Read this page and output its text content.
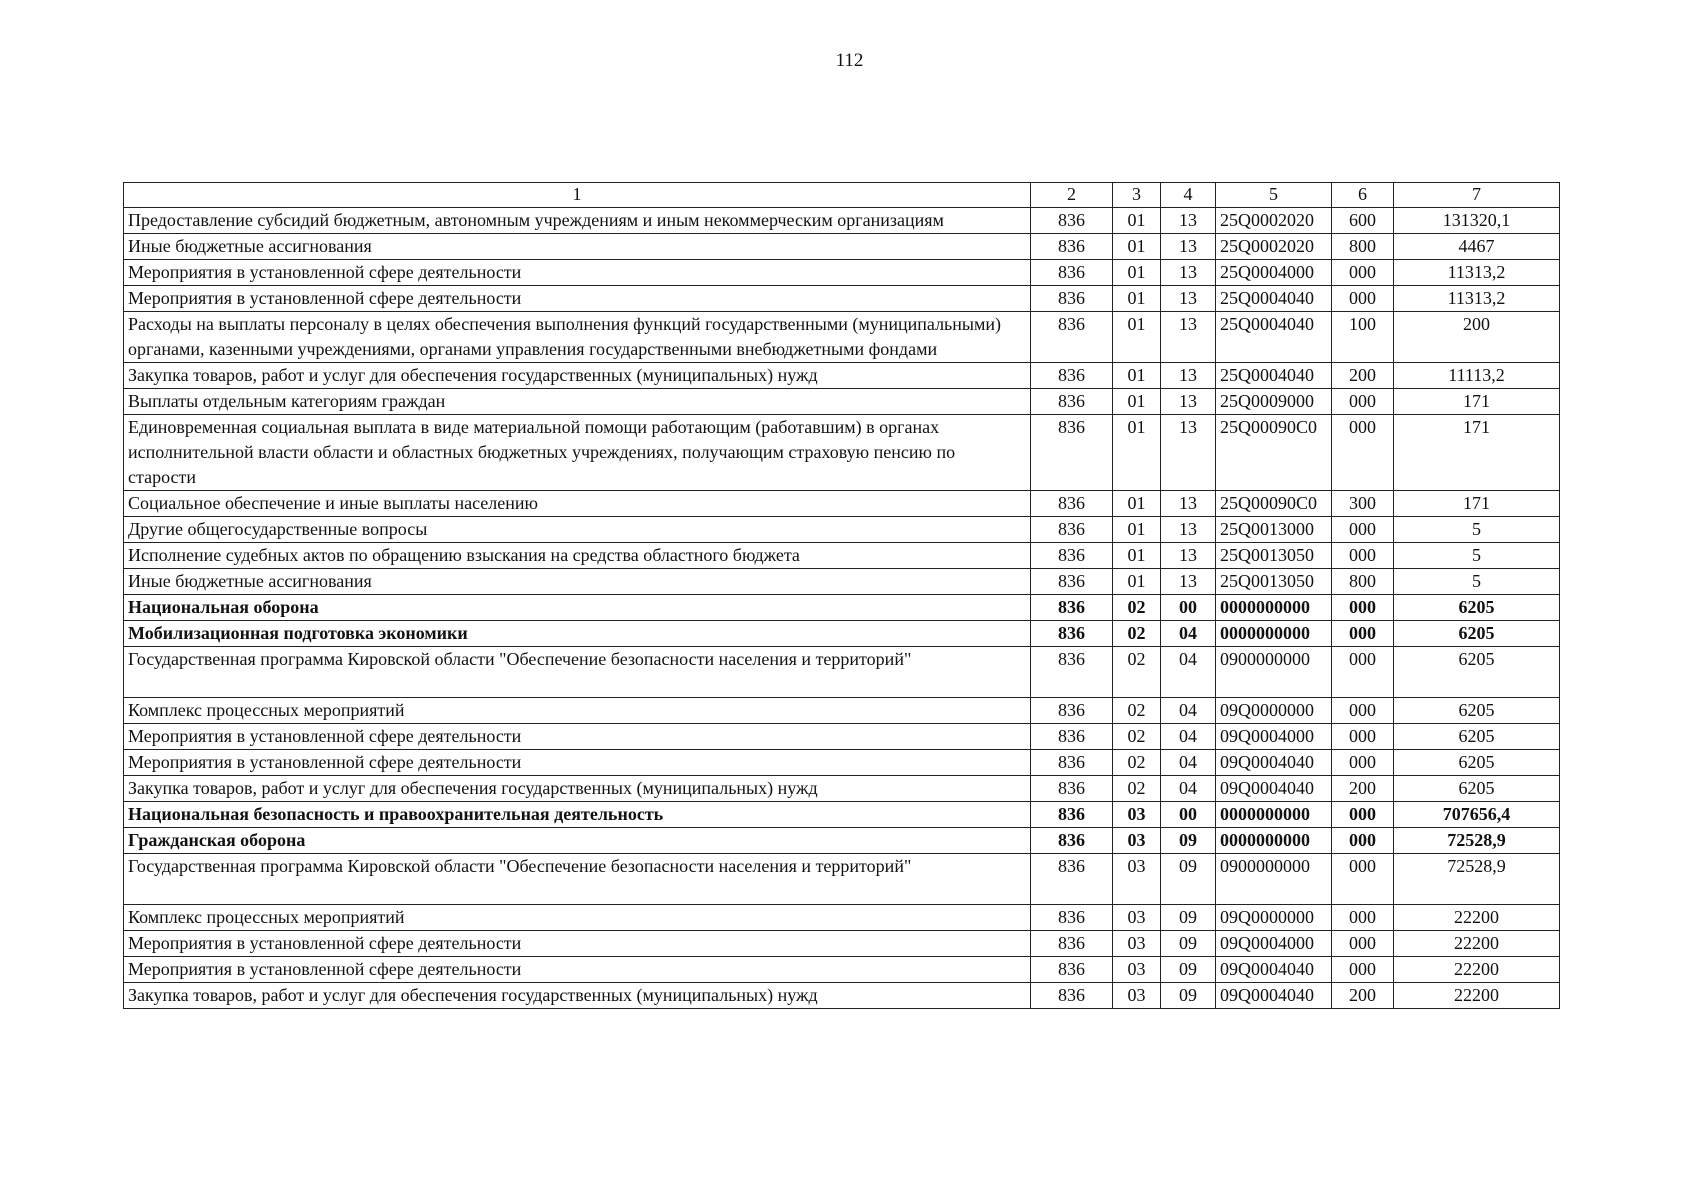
112
1	2	3	4	5	6	7
Предоставление субсидий бюджетным, автономным учреждениям и иным некоммерческим организациям	836	01	13	25Q0002020	600	131320,1
Иные бюджетные ассигнования	836	01	13	25Q0002020	800	4467
Мероприятия в установленной сфере деятельности	836	01	13	25Q0004000	000	11313,2
Мероприятия в установленной сфере деятельности	836	01	13	25Q0004040	000	11313,2
Расходы на выплаты персоналу в целях обеспечения выполнения функций государственными (муниципальными) органами, казенными учреждениями, органами управления государственными внебюджетными фондами	836	01	13	25Q0004040	100	200
Закупка товаров, работ и услуг для обеспечения государственных (муниципальных) нужд	836	01	13	25Q0004040	200	11113,2
Выплаты отдельным категориям граждан	836	01	13	25Q0009000	000	171
Единовременная социальная выплата в виде материальной помощи работающим (работавшим) в органах исполнительной власти области и областных бюджетных учреждениях, получающим страховую пенсию по старости	836	01	13	25Q00090C0	000	171
Социальное обеспечение и иные выплаты населению	836	01	13	25Q00090C0	300	171
Другие общегосударственные вопросы	836	01	13	25Q0013000	000	5
Исполнение судебных актов по обращению взыскания на средства областного бюджета	836	01	13	25Q0013050	000	5
Иные бюджетные ассигнования	836	01	13	25Q0013050	800	5
Национальная оборона	836	02	00	0000000000	000	6205
Мобилизационная подготовка экономики	836	02	04	0000000000	000	6205
Государственная программа Кировской области "Обеспечение безопасности населения и территорий"	836	02	04	0900000000	000	6205
Комплекс процессных мероприятий	836	02	04	09Q0000000	000	6205
Мероприятия в установленной сфере деятельности	836	02	04	09Q0004000	000	6205
Мероприятия в установленной сфере деятельности	836	02	04	09Q0004040	000	6205
Закупка товаров, работ и услуг для обеспечения государственных (муниципальных) нужд	836	02	04	09Q0004040	200	6205
Национальная безопасность и правоохранительная деятельность	836	03	00	0000000000	000	707656,4
Гражданская оборона	836	03	09	0000000000	000	72528,9
Государственная программа Кировской области "Обеспечение безопасности населения и территорий"	836	03	09	0900000000	000	72528,9
Комплекс процессных мероприятий	836	03	09	09Q0000000	000	22200
Мероприятия в установленной сфере деятельности	836	03	09	09Q0004000	000	22200
Мероприятия в установленной сфере деятельности	836	03	09	09Q0004040	000	22200
Закупка товаров, работ и услуг для обеспечения государственных (муниципальных) нужд	836	03	09	09Q0004040	200	22200
